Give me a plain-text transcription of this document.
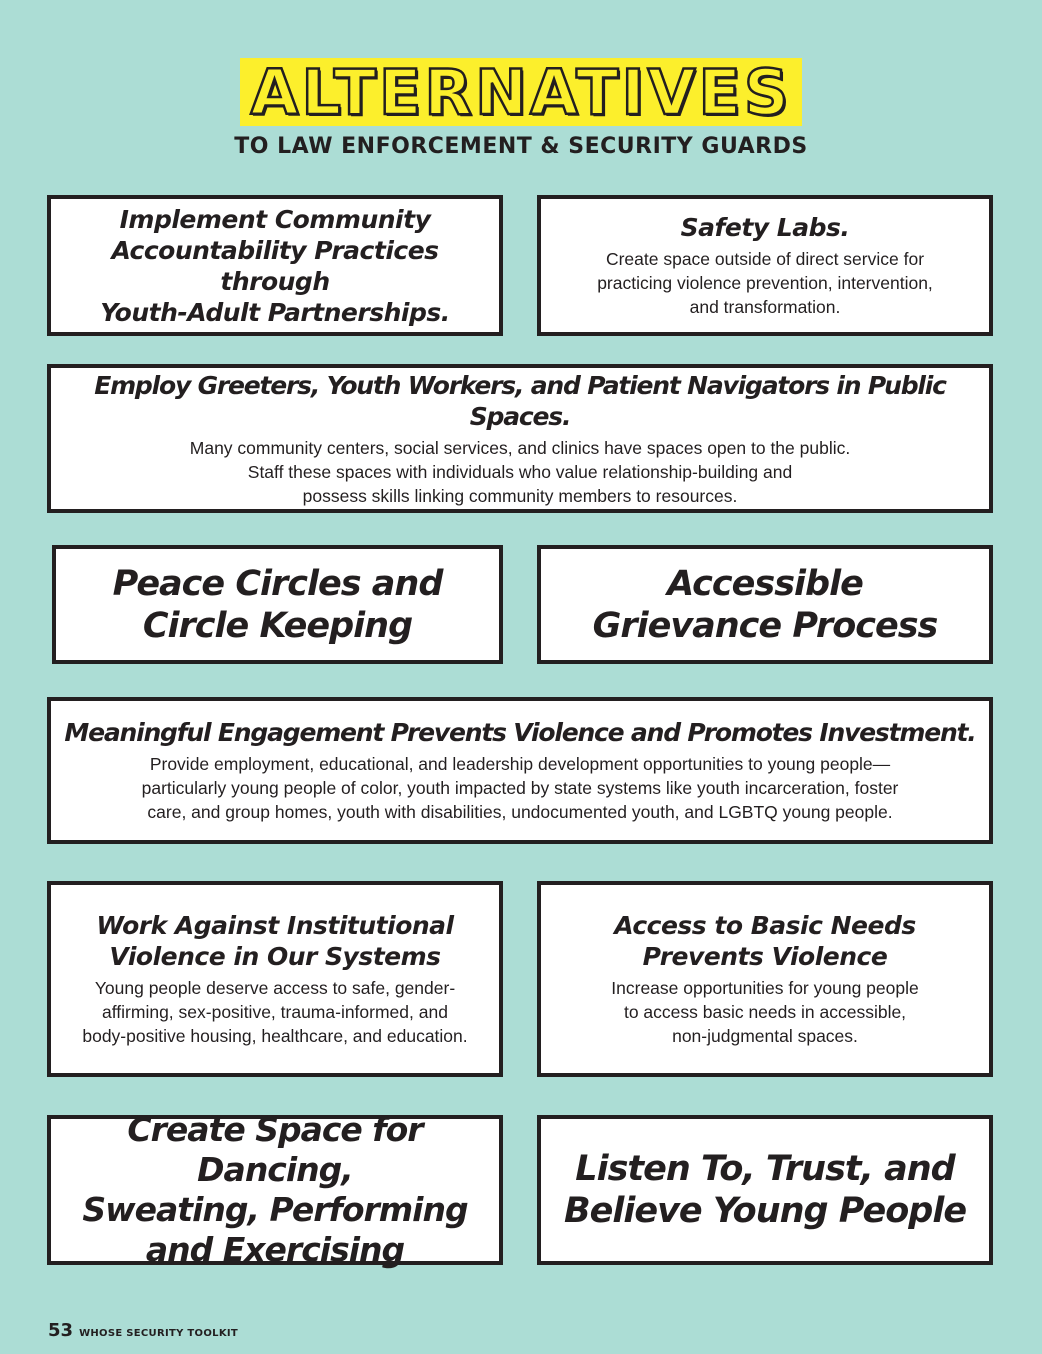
ALTERNATIVES
TO LAW ENFORCEMENT & SECURITY GUARDS
Implement Community
Accountability Practices through
Youth-Adult Partnerships.
Safety Labs.
Create space outside of direct service for
practicing violence prevention, intervention,
and transformation.
Employ Greeters, Youth Workers, and Patient Navigators in Public Spaces.
Many community centers, social services, and clinics have spaces open to the public.
Staff these spaces with individuals who value relationship-building and
possess skills linking community members to resources.
Peace Circles and
Circle Keeping
Accessible
Grievance Process
Meaningful Engagement Prevents Violence and Promotes Investment.
Provide employment, educational, and leadership development opportunities to young people—
particularly young people of color, youth impacted by state systems like youth incarceration, foster
care, and group homes, youth with disabilities, undocumented youth, and LGBTQ young people.
Work Against Institutional
Violence in Our Systems
Young people deserve access to safe, gender-
affirming, sex-positive, trauma-informed, and
body-positive housing, healthcare, and education.
Access to Basic Needs
Prevents Violence
Increase opportunities for young people
to access basic needs in accessible,
non-judgmental spaces.
Create Space for Dancing,
Sweating, Performing
and Exercising
Listen To, Trust, and
Believe Young People
53 WHOSE SECURITY TOOLKIT
